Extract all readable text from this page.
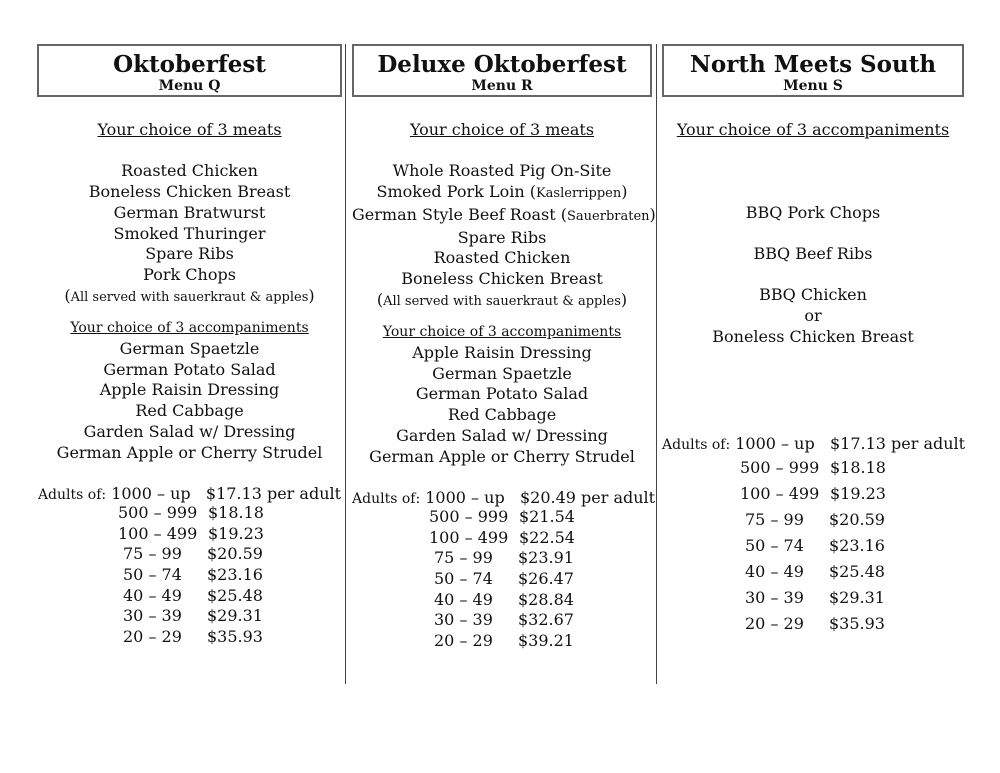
Oktoberfest
Menu Q
Your choice of 3 meats
Roasted Chicken
Boneless Chicken Breast
German Bratwurst
Smoked Thuringer
Spare Ribs
Pork Chops
(All served with sauerkraut & apples)
Your choice of 3 accompaniments
German Spaetzle
German Potato Salad
Apple Raisin Dressing
Red Cabbage
Garden Salad w/ Dressing
German Apple or Cherry Strudel
Adults of: 1000 – up $17.13 per adult
500 – 999 $18.18
100 – 499 $19.23
75 – 99 $20.59
50 – 74 $23.16
40 – 49 $25.48
30 – 39 $29.31
20 – 29 $35.93
Deluxe Oktoberfest
Menu R
Your choice of 3 meats
Whole Roasted Pig On-Site
Smoked Pork Loin (Kaslerrippen)
German Style Beef Roast (Sauerbraten)
Spare Ribs
Roasted Chicken
Boneless Chicken Breast
(All served with sauerkraut & apples)
Your choice of 3 accompaniments
Apple Raisin Dressing
German Spaetzle
German Potato Salad
Red Cabbage
Garden Salad w/ Dressing
German Apple or Cherry Strudel
Adults of: 1000 – up $20.49 per adult
500 – 999 $21.54
100 – 499 $22.54
75 – 99 $23.91
50 – 74 $26.47
40 – 49 $28.84
30 – 39 $32.67
20 – 29 $39.21
North Meets South
Menu S
Your choice of 3 accompaniments
BBQ Pork Chops
BBQ Beef Ribs
BBQ Chicken
or
Boneless Chicken Breast
Adults of: 1000 – up $17.13 per adult
500 – 999 $18.18
100 – 499 $19.23
75 – 99 $20.59
50 – 74 $23.16
40 – 49 $25.48
30 – 39 $29.31
20 – 29 $35.93
